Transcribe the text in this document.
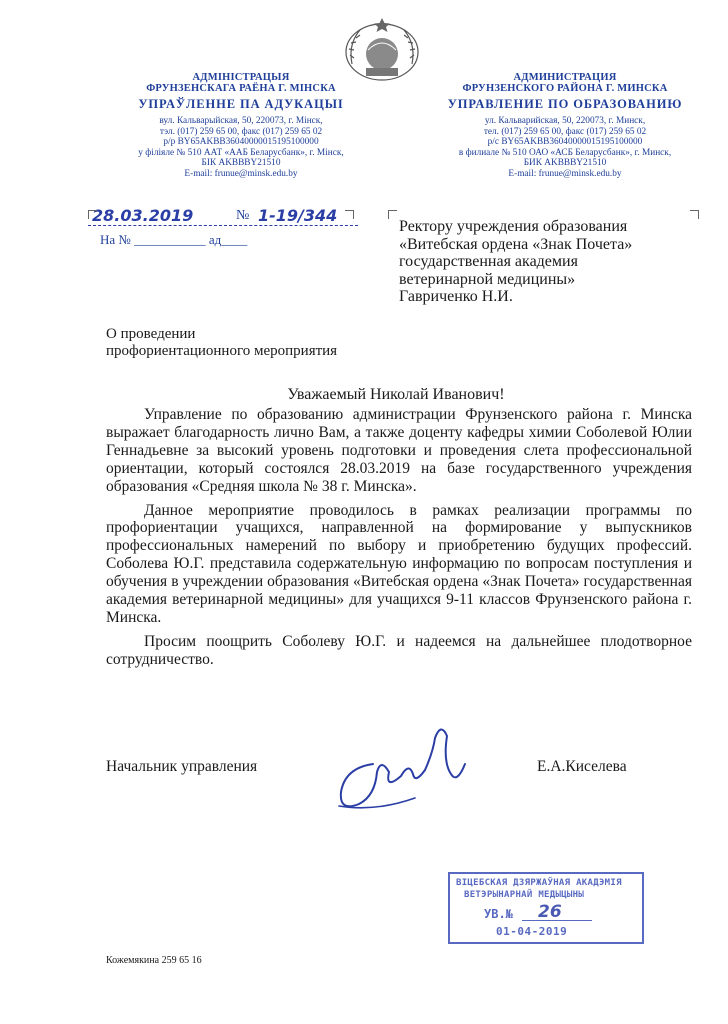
АДМІНІСТРАЦЫЯ
ФРУНЗЕНСКАГА РАЁНА Г. МІНСКА
УПРАЎЛЕННЕ ПА АДУКАЦЫІ
вул. Кальварыйская, 50, 220073, г. Мінск,
тэл. (017) 259 65 00, факс (017) 259 65 02
р/р BY65AKBB36040000015195100000
у філіяле № 510 ААТ «ААБ Беларусбанк», г. Мінск,
БІК AKBBBY21510
E-mail: frunue@minsk.edu.by
АДМИНИСТРАЦИЯ
ФРУНЗЕНСКОГО РАЙОНА Г. МИНСКА
УПРАВЛЕНИЕ ПО ОБРАЗОВАНИЮ
ул. Кальварийская, 50, 220073, г. Минск,
тел. (017) 259 65 00, факс (017) 259 65 02
р/с BY65AKBB36040000015195100000
в филиале № 510 ОАО «АСБ Беларусбанк», г. Минск,
БИК AKBBBY21510
E-mail: frunue@minsk.edu.by
28.03.2019	№ 1-19/344
На № ___________ ад____
Ректору учреждения образования
«Витебская ордена «Знак Почета»
государственная академия
ветеринарной медицины»
Гавриченко Н.И.
О проведении
профориентационного мероприятия
Уважаемый Николай Иванович!

Управление по образованию администрации Фрунзенского района г. Минска выражает благодарность лично Вам, а также доценту кафедры химии Соболевой Юлии Геннадьевне за высокий уровень подготовки и проведения слета профессиональной ориентации, который состоялся 28.03.2019 на базе государственного учреждения образования «Средняя школа № 38 г. Минска».

Данное мероприятие проводилось в рамках реализации программы по профориентации учащихся, направленной на формирование у выпускников профессиональных намерений по выбору и приобретению будущих профессий. Соболева Ю.Г. представила содержательную информацию по вопросам поступления и обучения в учреждении образования «Витебская ордена «Знак Почета» государственная академия ветеринарной медицины» для учащихся 9-11 классов Фрунзенского района г. Минска.

Просим поощрить Соболеву Ю.Г. и надеемся на дальнейшее плодотворное сотрудничество.

Начальник управления	Е.А.Киселева
ВІЦЕБСКАЯ ДЗЯРЖАЎНАЯ АКАДЭМІЯ
ВЕТЭРЫНАРНАЙ МЕДЫЦЫНЫ
УВ.№ 26
01-04-2019
Кожемякина 259 65 16
